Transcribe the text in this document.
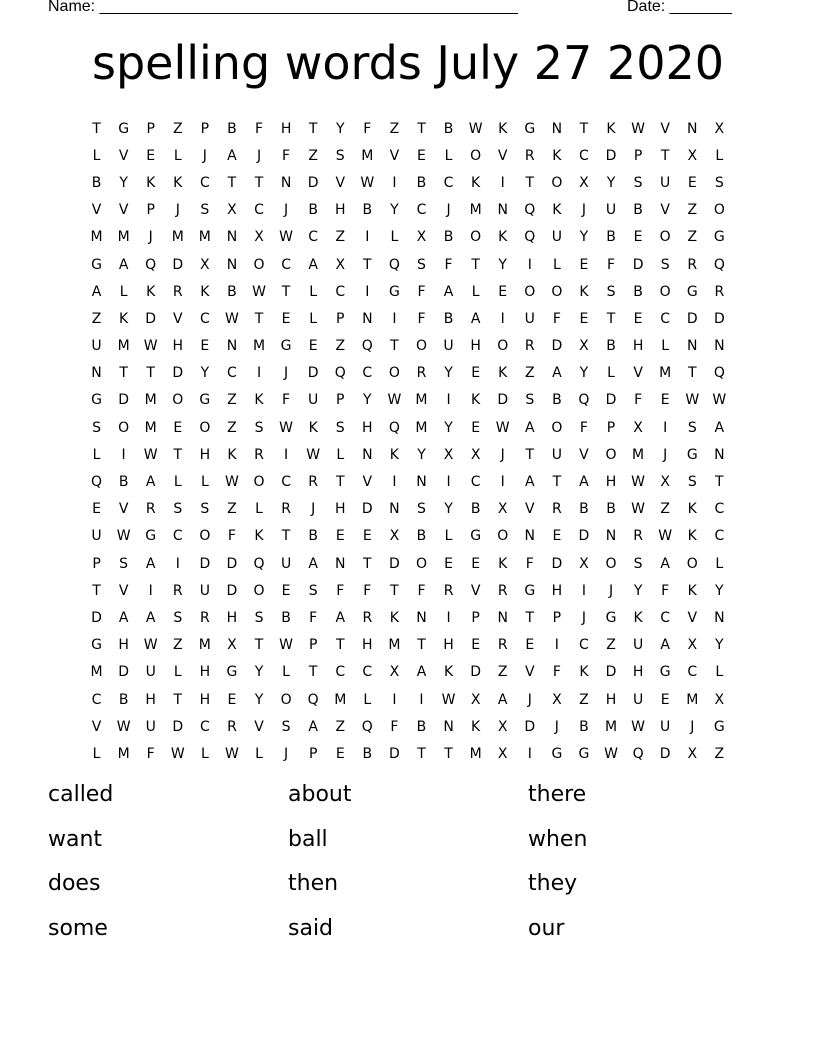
Name: _______________________________________________	Date: _______
spelling words July 27 2020
T	G	P	Z	P	B	F	H	T	Y	F	Z	T	B	W	K	G	N	T	K	W	V	N	X
L	V	E	L	J	A	J	F	Z	S	M	V	E	L	O	V	R	K	C	D	P	T	X	L
B	Y	K	K	C	T	T	N	D	V	W	I	B	C	K	I	T	O	X	Y	S	U	E	S
V	V	P	J	S	X	C	J	B	H	B	Y	C	J	M	N	Q	K	J	U	B	V	Z	O
M	M	J	M	M	N	X	W	C	Z	I	L	X	B	O	K	Q	U	Y	B	E	O	Z	G
G	A	Q	D	X	N	O	C	A	X	T	Q	S	F	T	Y	I	L	E	F	D	S	R	Q
A	L	K	R	K	B	W	T	L	C	I	G	F	A	L	E	O	O	K	S	B	O	G	R
Z	K	D	V	C	W	T	E	L	P	N	I	F	B	A	I	U	F	E	T	E	C	D	D
U	M	W	H	E	N	M	G	E	Z	Q	T	O	U	H	O	R	D	X	B	H	L	N	N
N	T	T	D	Y	C	I	J	D	Q	C	O	R	Y	E	K	Z	A	Y	L	V	M	T	Q
G	D	M	O	G	Z	K	F	U	P	Y	W	M	I	K	D	S	B	Q	D	F	E	W W
S	O	M	E	O	Z	S	W	K	S	H	Q	M	Y	E	W	A	O	F	P	X	I	S	A
L	I	W	T	H	K	R	I	W	L	N	K	Y	X	X	J	T	U	V	O	M	J	G	N
Q	B	A	L	L	W	O	C	R	T	V	I	N	I	C	I	A	T	A	H	W	X	S	T
E	V	R	S	S	Z	L	R	J	H	D	N	S	Y	B	X	V	R	B	B	W	Z	K	C
U	W	G	C	O	F	K	T	B	E	E	X	B	L	G	O	N	E	D	N	R	W	K	C
P	S	A	I	D	D	Q	U	A	N	T	D	O	E	E	K	F	D	X	O	S	A	O	L
T	V	I	R	U	D	O	E	S	F	F	T	F	R	V	R	G	H	I	J	Y	F	K	Y
D	A	A	S	R	H	S	B	F	A	R	K	N	I	P	N	T	P	J	G	K	C	V	N
G	H	W	Z	M	X	T	W	P	T	H	M	T	H	E	R	E	I	C	Z	U	A	X	Y
M	D	U	L	H	G	Y	L	T	C	C	X	A	K	D	Z	V	F	K	D	H	G	C	L
C	B	H	T	H	E	Y	O	Q	M	L	I	I	W	X	A	J	X	Z	H	U	E	M	X
V	W	U	D	C	R	V	S	A	Z	Q	F	B	N	K	X	D	J	B	M	W	U	J	G
L	M	F	W	L	W	L	J	P	E	B	D	T	T	M	X	I	G	G	W	Q	D	X	Z
called	about	there
want	ball	when
does	then	they
some	said	our
